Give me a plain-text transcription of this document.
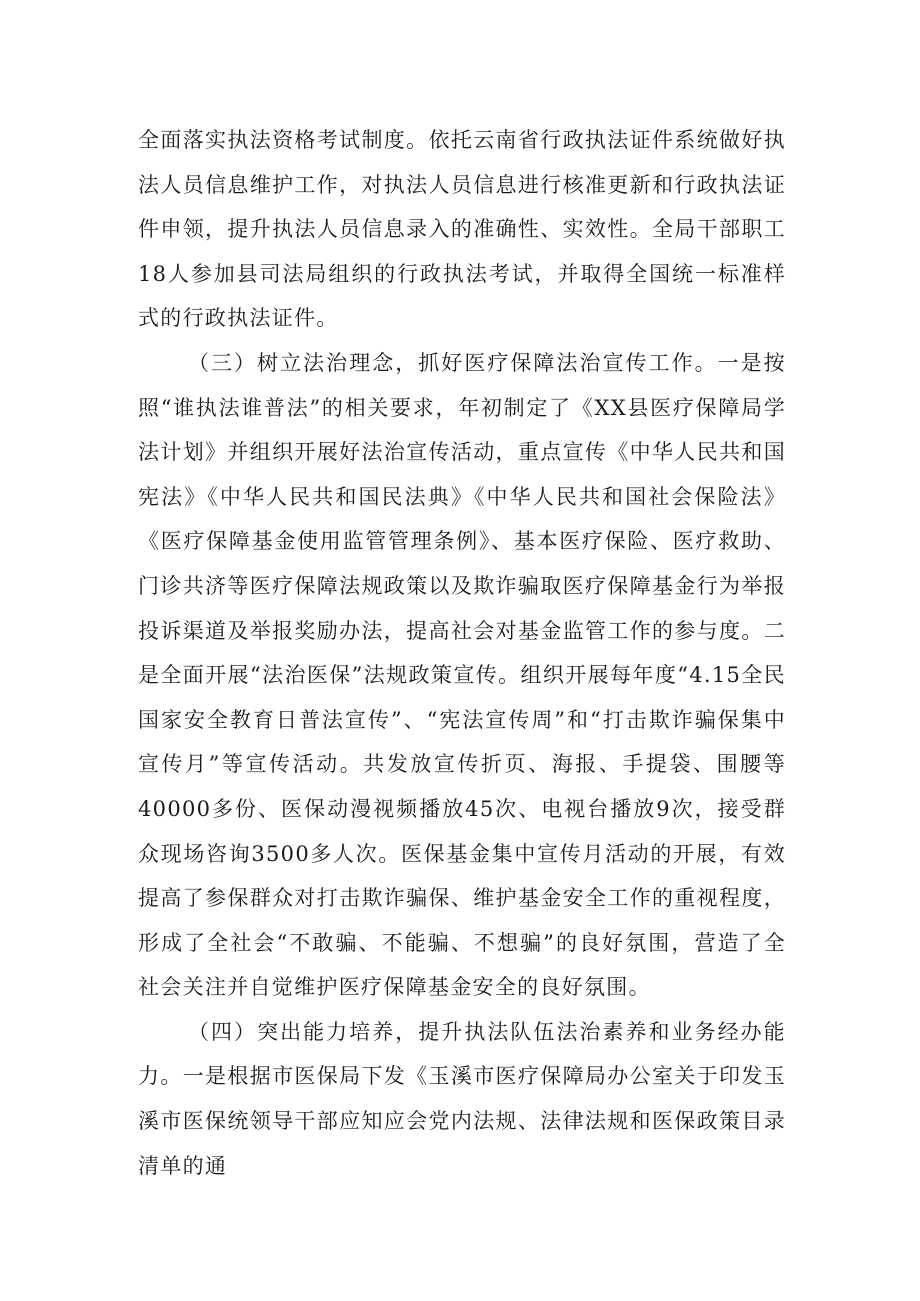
全面落实执法资格考试制度。依托云南省行政执法证件系统做好执法人员信息维护工作，对执法人员信息进行核准更新和行政执法证件申领，提升执法人员信息录入的准确性、实效性。全局干部职工18人参加县司法局组织的行政执法考试，并取得全国统一标准样式的行政执法证件。

（三）树立法治理念，抓好医疗保障法治宣传工作。一是按照“谁执法谁普法”的相关要求，年初制定了《XX县医疗保障局学法计划》并组织开展好法治宣传活动，重点宣传《中华人民共和国宪法》《中华人民共和国民法典》《中华人民共和国社会保险法》《医疗保障基金使用监管管理条例》、基本医疗保险、医疗救助、门诊共济等医疗保障法规政策以及欺诈骗取医疗保障基金行为举报投诉渠道及举报奖励办法，提高社会对基金监管工作的参与度。二是全面开展“法治医保”法规政策宣传。组织开展每年度“4.15全民国家安全教育日普法宣传”、“宪法宣传周”和“打击欺诈骗保集中宣传月”等宣传活动。共发放宣传折页、海报、手提袋、围腰等40000多份、医保动漫视频播放45次、电视台播放9次，接受群众现场咨询3500多人次。医保基金集中宣传月活动的开展，有效提高了参保群众对打击欺诈骗保、维护基金安全工作的重视程度，形成了全社会“不敢骗、不能骗、不想骗”的良好氛围，营造了全社会关注并自觉维护医疗保障基金安全的良好氛围。

（四）突出能力培养，提升执法队伍法治素养和业务经办能力。一是根据市医保局下发《玉溪市医疗保障局办公室关于印发玉溪市医保统领导干部应知应会党内法规、法律法规和医保政策目录清单的通
